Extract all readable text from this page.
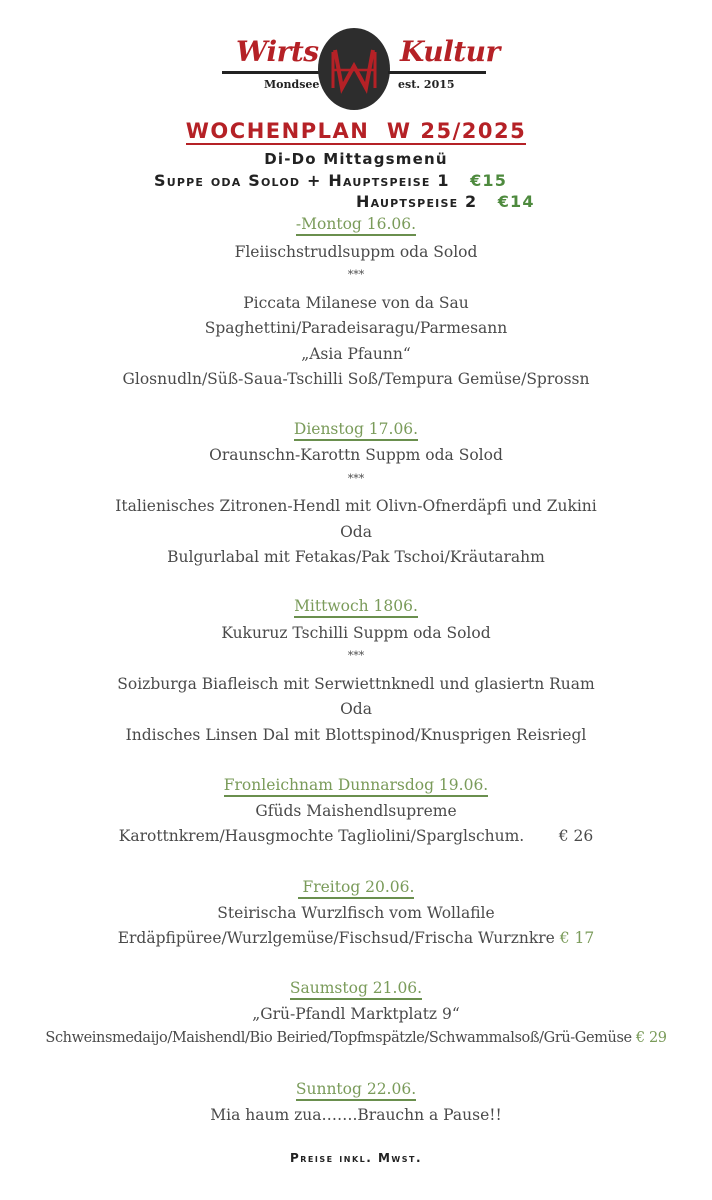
Wirts
Mondsee
Kultur
est. 2015
WOCHENPLAN  W 25/2025
Di-Do Mittagsmenü
Suppe oda Solod + Hauptspeise 1 €15
Hauptspeise 2 €14
-Montog 16.06.
Fleiischstrudlsuppm oda Solod
***
Piccata Milanese von da Sau
Spaghettini/Paradeisaragu/Parmesann
„Asia Pfaunn“
Glosnudln/Süß-Saua-Tschilli Soß/Tempura Gemüse/Sprossn
Dienstog 17.06.
Oraunschn-Karottn Suppm oda Solod
***
Italienisches Zitronen-Hendl mit Olivn-Ofnerdäpfi und Zukini
Oda
Bulgurlabal mit Fetakas/Pak Tschoi/Kräutarahm
Mittwoch 1806.
Kukuruz Tschilli Suppm oda Solod
***
Soizburga Biafleisch mit Serwiettnknedl und glasiertn Ruam
Oda
Indisches Linsen Dal mit Blottspinod/Knusprigen Reisriegl
Fronleichnam Dunnarsdog 19.06.
Gfüds Maishendlsupreme
Karottnkrem/Hausgmochte Tagliolini/Sparglschum. € 26
Freitog 20.06.
Steirischa Wurzlfisch vom Wollafile
Erdäpfipüree/Wurzlgemüse/Fischsud/Frischa Wurznkre € 17
Saumstog 21.06.
„Grü-Pfandl Marktplatz 9“
Schweinsmedaijo/Maishendl/Bio Beiried/Topfmspätzle/Schwammalsoß/Grü-Gemüse € 29
Sunntog 22.06.
Mia haum zua…….Brauchn a Pause!!
Preise inkl. Mwst.
